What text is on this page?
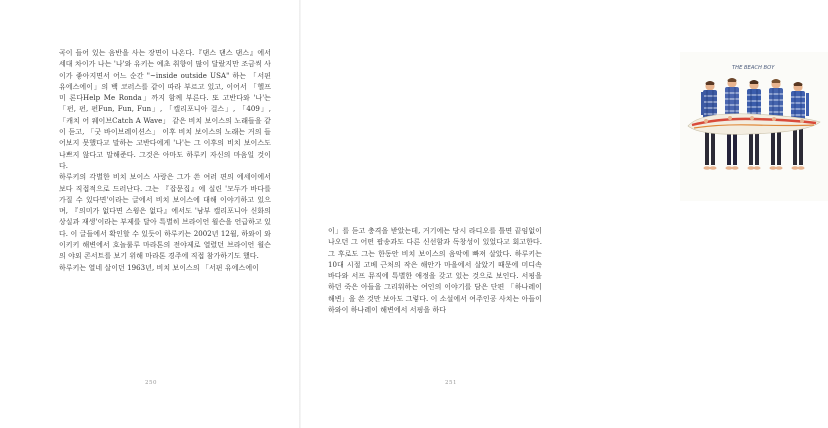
곡이 들어 있는 음반을 사는 장면이 나온다.『댄스 댄스 댄스』에서 세대 차이가 나는 '나'와 유키는 예초 취향이 많이 달랐지만 조금씩 사이가 좋아지면서 어느 순간 "~inside outside USA" 하는 「서핀 유에스에이」의 백 코러스를 같이 따라 부르고 있고, 이어서 「헬프 미 론다Help Me Ronda」까지 함께 부른다. 또 고반다와 '나'는 「펀, 펀, 펀Fun, Fun, Fun」, 「캘리포니아 걸스」, 「409」, 「캐치 어 웨이브Catch A Wave」 같은 비치 보이스의 노래들을 같이 듣고, 「굿 바이브레이션스」 이후 비치 보이스의 노래는 거의 들어보지 못했다고 말하는 고반다에게 '나'는 그 이후의 비치 보이스도 나쁘지 않다고 말해준다. 그것은 아마도 하루키 자신의 마음일 것이다.
하루키의 각별한 비치 보이스 사랑은 그가 쓴 여러 편의 에세이에서 보다 직접적으로 드러난다. 그는 『잡문집』에 실린 '모두가 바다를 가질 수 있다면'이라는 글에서 비치 보이스에 대해 이야기하고 있으며, 『의미가 없다면 스윙은 없다』에서도 '남부 캘리포니아 신화의 상실과 재생'이라는 부제를 달아 특별히 브라이언 윌슨을 언급하고 있다. 이 글들에서 확인할 수 있듯이 하루키는 2002년 12월, 하와이 와이키키 해변에서 호놀룰루 마라톤의 전야제로 열렸던 브라이언 윌슨의 야외 콘서트를 보기 위해 마라톤 경주에 직접 참가하기도 했다.
하루키는 열네 살이던 1963년, 비치 보이스의 「서핀 유에스에이

250
THE BEACH BOY

이」를 듣고 충격을 받았는데, 거기에는 당시 라디오를 틀면 끝임없이 나오던 그 어떤 팝송과도 다른 신선함과 독창성이 있었다고 회고한다. 그 후로도 그는 한동안 비치 보이스의 음악에 빠져 살았다. 하루키는 10대 시절 고베 근처의 작은 해안가 마을에서 살았기 때문에 미디속 바다와 서프 뮤직에 특별한 애정을 갖고 있는 것으로 보인다. 서핑을 하던 죽은 아들을 그리워하는 여인의 이야기를 담은 단편 「하나레이 해변」을 쓴 것만 보아도 그렇다. 이 소설에서 여주인공 사치는 아들이 하와이 하나레이 해변에서 서핑을 하다

251
